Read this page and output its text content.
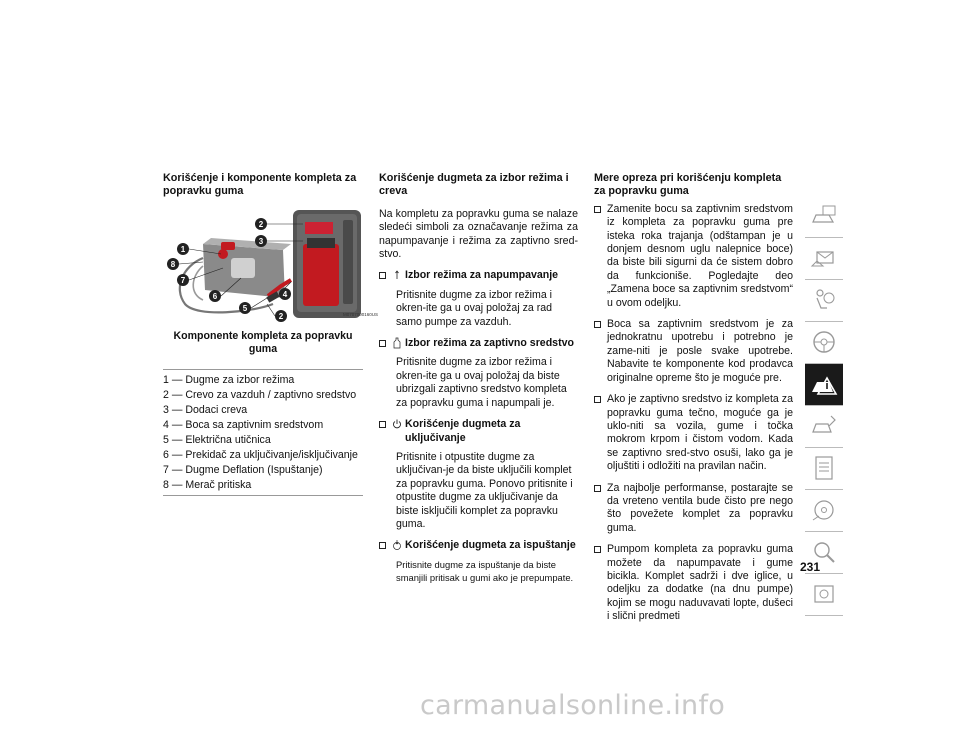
Korišćenje i komponente kompleta za popravku guma
M0707000160US
2
3
1
8
7
6	4
5
2
Komponente kompleta za popravku guma
1 — Dugme za izbor režima
2 — Crevo za vazduh / zaptivno sredstvo
3 — Dodaci creva
4 — Boca sa zaptivnim sredstvom
5 — Električna utičnica
6 — Prekidač za uključivanje/isključivanje
7 — Dugme Deflation (Ispuštanje)
8 — Merač pritiska
Korišćenje dugmeta za izbor režima i creva

Na kompletu za popravku guma se nalaze sledeći simboli za označavanje režima za napumpavanje i režima za zaptivno sred-stvo.

Izbor režima za napumpavanje
Pritisnite dugme za izbor režima i okren-ite ga u ovaj položaj za rad samo pumpe za vazduh.
Izbor režima za zaptivno sredstvo
Pritisnite dugme za izbor režima i okren-ite ga u ovaj položaj da biste ubrizgali zaptivno sredstvo kompleta za popravku guma i napumpali je.
Korišćenje dugmeta za uključivanje
Pritisnite i otpustite dugme za uključivan-je da biste uključili komplet za popravku guma. Ponovo pritisnite i otpustite dugme za uključivanje da biste isključili komplet za popravku guma.
Korišćenje dugmeta za ispuštanje
Pritisnite dugme za ispuštanje da biste smanjili pritisak u gumi ako je prepumpate.
Mere opreza pri korišćenju kompleta za popravku guma
Zamenite bocu sa zaptivnim sredstvom iz kompleta za popravku guma pre isteka roka trajanja (odštampan je u donjem desnom uglu nalepnice boce) da biste bili sigurni da će sistem dobro da funkcioniše. Pogledajte deo „Zamena boce sa zaptivnim sredstvom“ u ovom odeljku.
Boca sa zaptivnim sredstvom je za jednokratnu upotrebu i potrebno je zame-niti je posle svake upotrebe. Nabavite te komponente kod prodavca originalne opreme što je moguće pre.
Ako je zaptivno sredstvo iz kompleta za popravku guma tečno, moguće ga je uklo-niti sa vozila, gume i točka mokrom krpom i čistom vodom. Kada se zaptivno sred-stvo osuši, lako ga je oljuštiti i odložiti na pravilan način.
Za najbolje performanse, postarajte se da vreteno ventila bude čisto pre nego što povežete komplet za popravku guma.
Pumpom kompleta za popravku guma možete da napumpavate i gume bicikla. Komplet sadrži i dve iglice, u odeljku za dodatke (na dnu pumpe) kojim se mogu naduvavati lopte, dušeci i slični predmeti
231
carmanualsonline.info
